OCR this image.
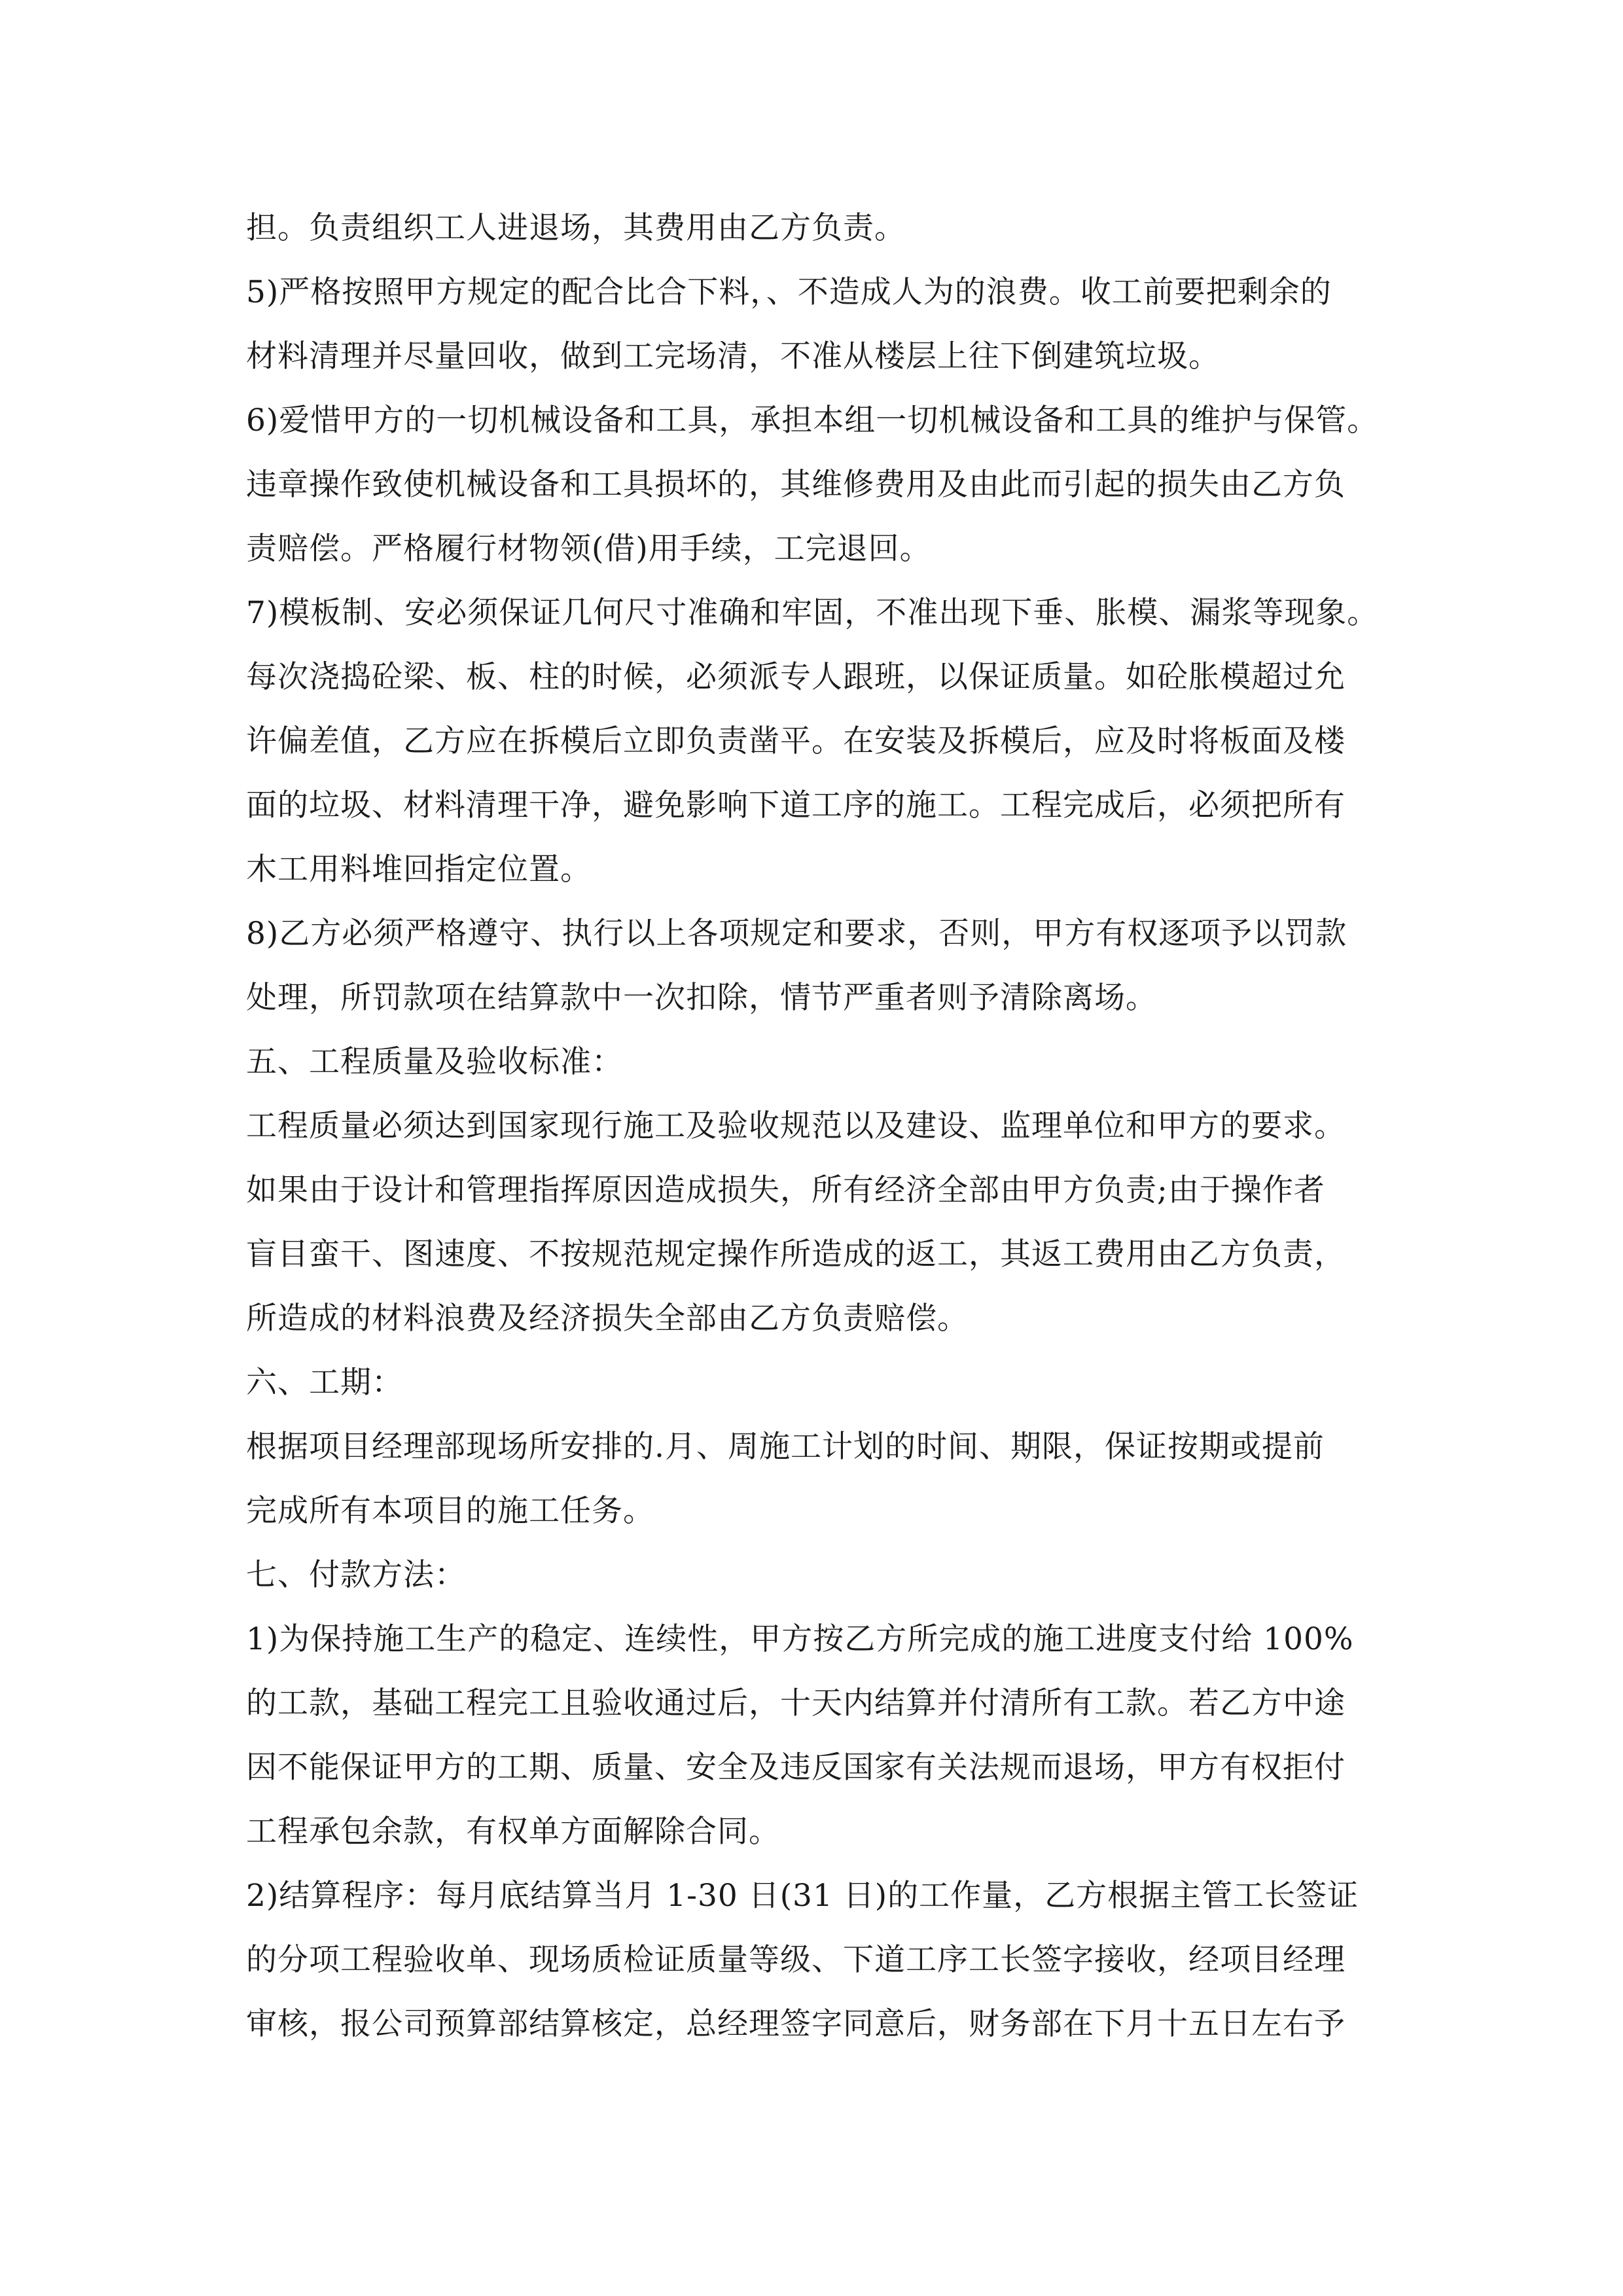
担。负责组织工人进退场，其费用由乙方负责。
5)严格按照甲方规定的配合比合下料，、不造成人为的浪费。收工前要把剩余的
材料清理并尽量回收，做到工完场清，不准从楼层上往下倒建筑垃圾。
6)爱惜甲方的一切机械设备和工具，承担本组一切机械设备和工具的维护与保管。
违章操作致使机械设备和工具损坏的，其维修费用及由此而引起的损失由乙方负
责赔偿。严格履行材物领(借)用手续，工完退回。
7)模板制、安必须保证几何尺寸准确和牢固，不准出现下垂、胀模、漏浆等现象。
每次浇捣砼梁、板、柱的时候，必须派专人跟班，以保证质量。如砼胀模超过允
许偏差值，乙方应在拆模后立即负责凿平。在安装及拆模后，应及时将板面及楼
面的垃圾、材料清理干净，避免影响下道工序的施工。工程完成后，必须把所有
木工用料堆回指定位置。
8)乙方必须严格遵守、执行以上各项规定和要求，否则，甲方有权逐项予以罚款
处理，所罚款项在结算款中一次扣除，情节严重者则予清除离场。
五、工程质量及验收标准：
工程质量必须达到国家现行施工及验收规范以及建设、监理单位和甲方的要求。
如果由于设计和管理指挥原因造成损失，所有经济全部由甲方负责;由于操作者
盲目蛮干、图速度、不按规范规定操作所造成的返工，其返工费用由乙方负责，
所造成的材料浪费及经济损失全部由乙方负责赔偿。
六、工期：
根据项目经理部现场所安排的.月、周施工计划的时间、期限，保证按期或提前
完成所有本项目的施工任务。
七、付款方法：
1)为保持施工生产的稳定、连续性，甲方按乙方所完成的施工进度支付给 100%
的工款，基础工程完工且验收通过后，十天内结算并付清所有工款。若乙方中途
因不能保证甲方的工期、质量、安全及违反国家有关法规而退场，甲方有权拒付
工程承包余款，有权单方面解除合同。
2)结算程序：每月底结算当月 1-30 日(31 日)的工作量，乙方根据主管工长签证
的分项工程验收单、现场质检证质量等级、下道工序工长签字接收，经项目经理
审核，报公司预算部结算核定，总经理签字同意后，财务部在下月十五日左右予
